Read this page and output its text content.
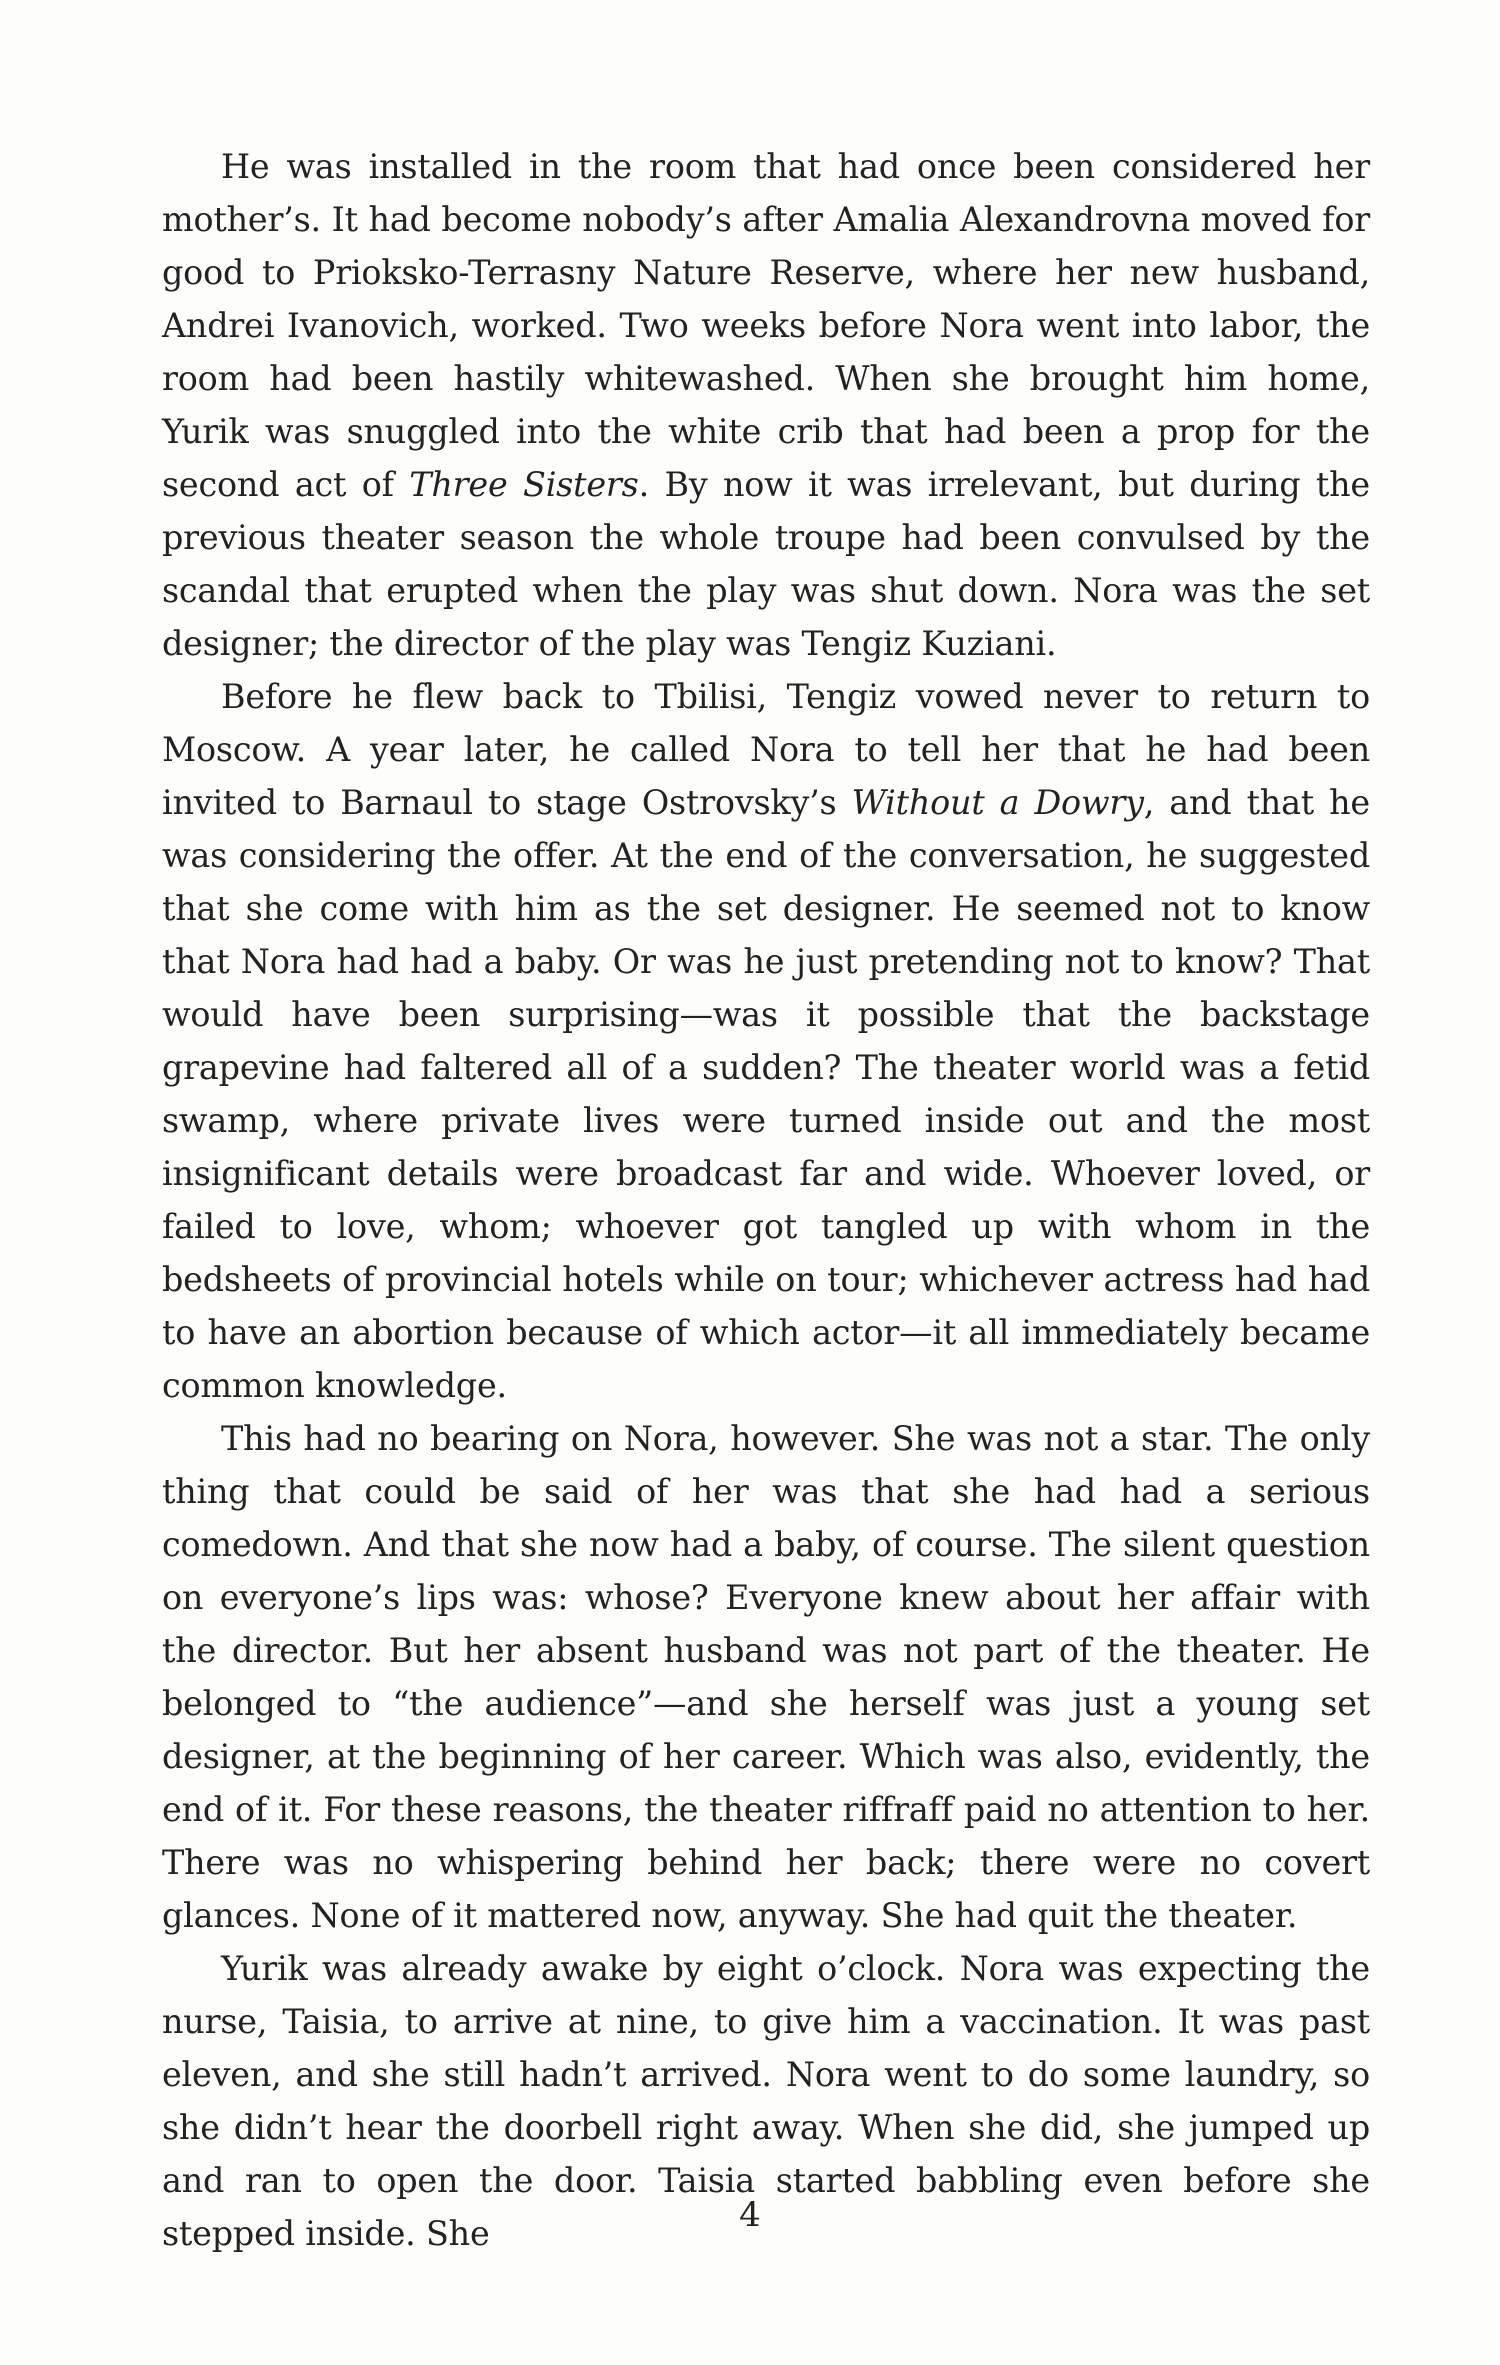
He was installed in the room that had once been considered her mother’s. It had become nobody’s after Amalia Alexandrovna moved for good to Prioksko-Terrasny Nature Reserve, where her new husband, Andrei Ivanovich, worked. Two weeks before Nora went into labor, the room had been hastily whitewashed. When she brought him home, Yurik was snuggled into the white crib that had been a prop for the second act of Three Sisters. By now it was irrelevant, but during the previous theater season the whole troupe had been convulsed by the scandal that erupted when the play was shut down. Nora was the set designer; the director of the play was Tengiz Kuziani.

Before he flew back to Tbilisi, Tengiz vowed never to return to Moscow. A year later, he called Nora to tell her that he had been invited to Barnaul to stage Ostrovsky’s Without a Dowry, and that he was considering the offer. At the end of the conversation, he suggested that she come with him as the set designer. He seemed not to know that Nora had had a baby. Or was he just pretending not to know? That would have been surprising—was it possible that the backstage grapevine had faltered all of a sudden? The theater world was a fetid swamp, where private lives were turned inside out and the most insignificant details were broadcast far and wide. Whoever loved, or failed to love, whom; whoever got tangled up with whom in the bedsheets of provincial hotels while on tour; whichever actress had had to have an abortion because of which actor—it all immediately became common knowledge.

This had no bearing on Nora, however. She was not a star. The only thing that could be said of her was that she had had a serious comedown. And that she now had a baby, of course. The silent question on everyone’s lips was: whose? Everyone knew about her affair with the director. But her absent husband was not part of the theater. He belonged to “the audience”—and she herself was just a young set designer, at the beginning of her career. Which was also, evidently, the end of it. For these reasons, the theater riffraff paid no attention to her. There was no whispering behind her back; there were no covert glances. None of it mattered now, anyway. She had quit the theater.

Yurik was already awake by eight o’clock. Nora was expecting the nurse, Taisia, to arrive at nine, to give him a vaccination. It was past eleven, and she still hadn’t arrived. Nora went to do some laundry, so she didn’t hear the doorbell right away. When she did, she jumped up and ran to open the door. Taisia started babbling even before she stepped inside. She	4
